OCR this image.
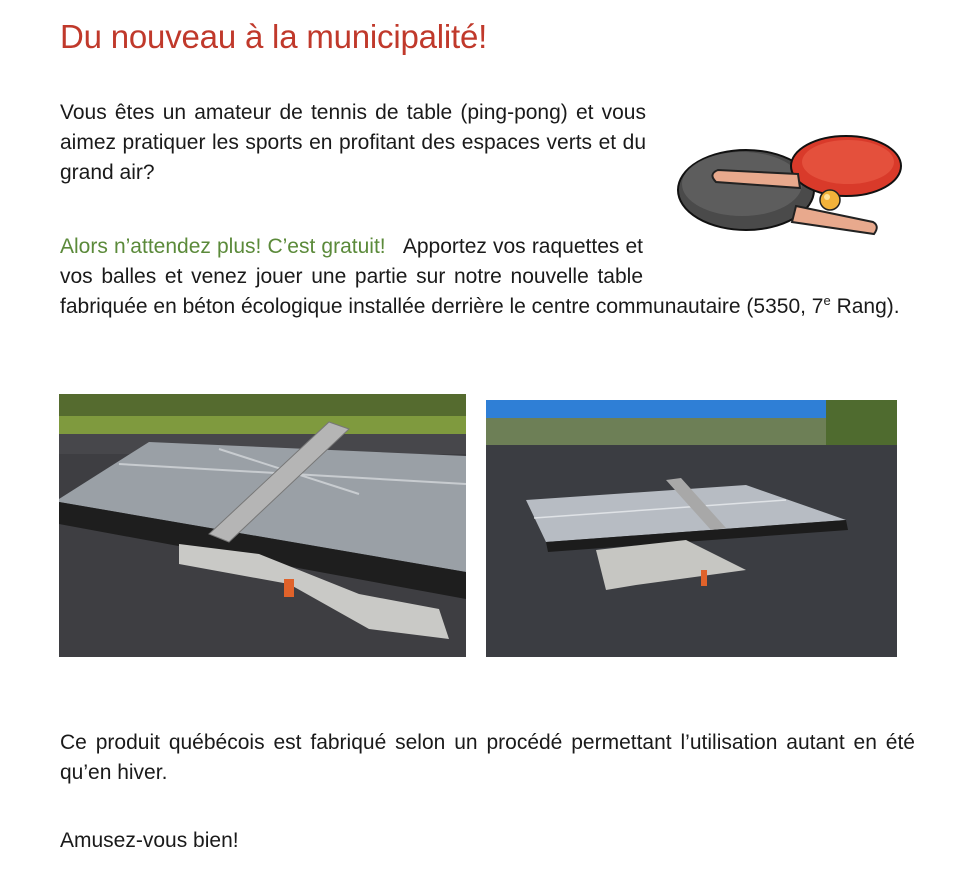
Du nouveau à la municipalité!

Vous êtes un amateur de tennis de table (ping-pong) et vous aimez pratiquer les sports en profitant des espaces verts et du grand air?

Alors n’attendez plus! C’est gratuit! Apportez vos raquettes et vos balles et venez jouer une partie sur notre nouvelle table fabriquée en béton écologique installée derrière le centre communautaire (5350, 7e Rang).

Ce produit québécois est fabriqué selon un procédé permettant l’utilisation autant en été qu’en hiver.

Amusez-vous bien!
